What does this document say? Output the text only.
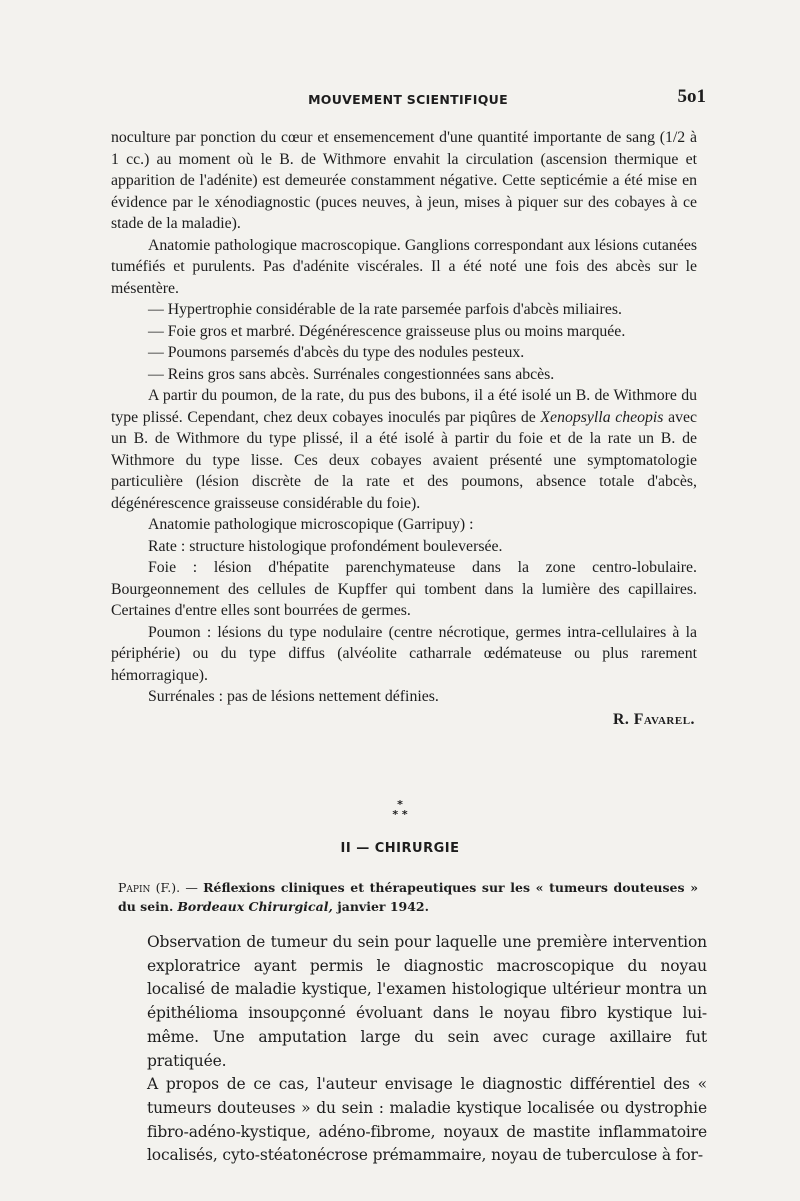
MOUVEMENT SCIENTIFIQUE	5o1

noculture par ponction du cœur et ensemencement d'une quantité importante de sang (1/2 à 1 cc.) au moment où le B. de Withmore envahit la circulation (ascension thermique et apparition de l'adénite) est demeurée constamment négative. Cette septicémie a été mise en évidence par le xénodiagnostic (puces neuves, à jeun, mises à piquer sur des cobayes à ce stade de la maladie).

Anatomie pathologique macroscopique. Ganglions correspondant aux lésions cutanées tuméfiés et purulents. Pas d'adénite viscérales. Il a été noté une fois des abcès sur le mésentère.

— Hypertrophie considérable de la rate parsemée parfois d'abcès miliaires.

— Foie gros et marbré. Dégénérescence graisseuse plus ou moins marquée.

— Poumons parsemés d'abcès du type des nodules pesteux.

— Reins gros sans abcès. Surrénales congestionnées sans abcès.

A partir du poumon, de la rate, du pus des bubons, il a été isolé un B. de Withmore du type plissé. Cependant, chez deux cobayes inoculés par piqûres de Xenopsylla cheopis avec un B. de Withmore du type plissé, il a été isolé à partir du foie et de la rate un B. de Withmore du type lisse. Ces deux cobayes avaient présenté une symptomatologie particulière (lésion discrète de la rate et des poumons, absence totale d'abcès, dégénérescence graisseuse considérable du foie).

Anatomie pathologique microscopique (Garripuy) :

Rate : structure histologique profondément bouleversée.

Foie : lésion d'hépatite parenchymateuse dans la zone centro-lobulaire. Bourgeonnement des cellules de Kupffer qui tombent dans la lumière des capillaires. Certaines d'entre elles sont bourrées de germes.

Poumon : lésions du type nodulaire (centre nécrotique, germes intra-cellulaires à la périphérie) ou du type diffus (alvéolite catharrale œdémateuse ou plus rarement hémorragique).

Surrénales : pas de lésions nettement définies.

R. Favarel.
*
* *
II — CHIRURGIE
Papin (F.). — Réflexions cliniques et thérapeutiques sur les « tumeurs douteuses » du sein. Bordeaux Chirurgical, janvier 1942.

Observation de tumeur du sein pour laquelle une première intervention exploratrice ayant permis le diagnostic macroscopique du noyau localisé de maladie kystique, l'examen histologique ultérieur montra un épithélioma insoupçonné évoluant dans le noyau fibro kystique lui-même. Une amputation large du sein avec curage axillaire fut pratiquée.

A propos de ce cas, l'auteur envisage le diagnostic différentiel des « tumeurs douteuses » du sein : maladie kystique localisée ou dystrophie fibro-adéno-kystique, adéno-fibrome, noyaux de mastite inflammatoire localisés, cyto-stéatonécrose prémammaire, noyau de tuberculose à for-
